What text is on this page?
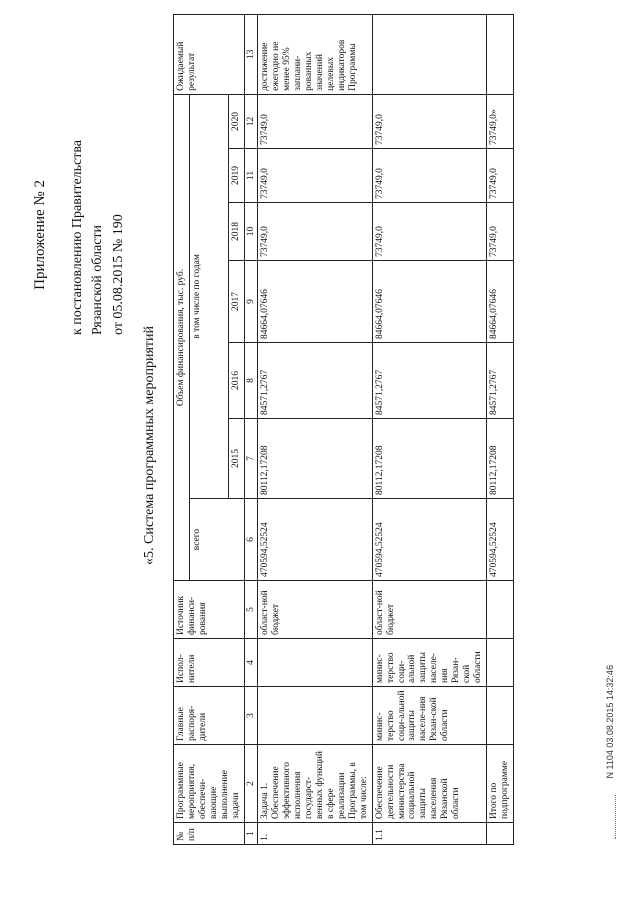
Приложение № 2 к постановлению Правительства Рязанской области от 05.08.2015 № 190
«5. Система программных мероприятий
№ п/п	Программные мероприятия, обеспечи-вающие выполнение задачи	Главные распоря-дители	Испол-нители	Источник финанси-рования	Объем финансирования, тыс. руб.							Ожидаемый результат
					всего	в том числе по годам						
						2015	2016	2017	2018	2019	2020	
1	2	3	4	5	6	7	8	9	10	11	12	13
1.	Задача 1. Обеспечение эффективного исполнения государст-венных функций в сфере реализации Программы, в том числе:			област-ной бюджет	470594,52524	80112,17208	84571,2767	84664,07646	73749,0	73749,0	73749,0	достижение ежегодно не менее 95% заплани-рованных значений целевых индикаторов Программы
1.1	Обеспечение деятельности министерства социальной защиты населения Рязанской области	минис-терство соци-альной защиты населе-ния Рязан-ской области	минис-терство соци-альной защиты населе-ния Рязан-ской области	област-ной бюджет	470594,52524	80112,17208	84571,2767	84664,07646	73749,0	73749,0	73749,0	
	Итого по подпрограмме				470594,52524	80112,17208	84571,2767	84664,07646	73749,0	73749,0	73749,0»	
N 1104 03.08.2015 14:32:46
